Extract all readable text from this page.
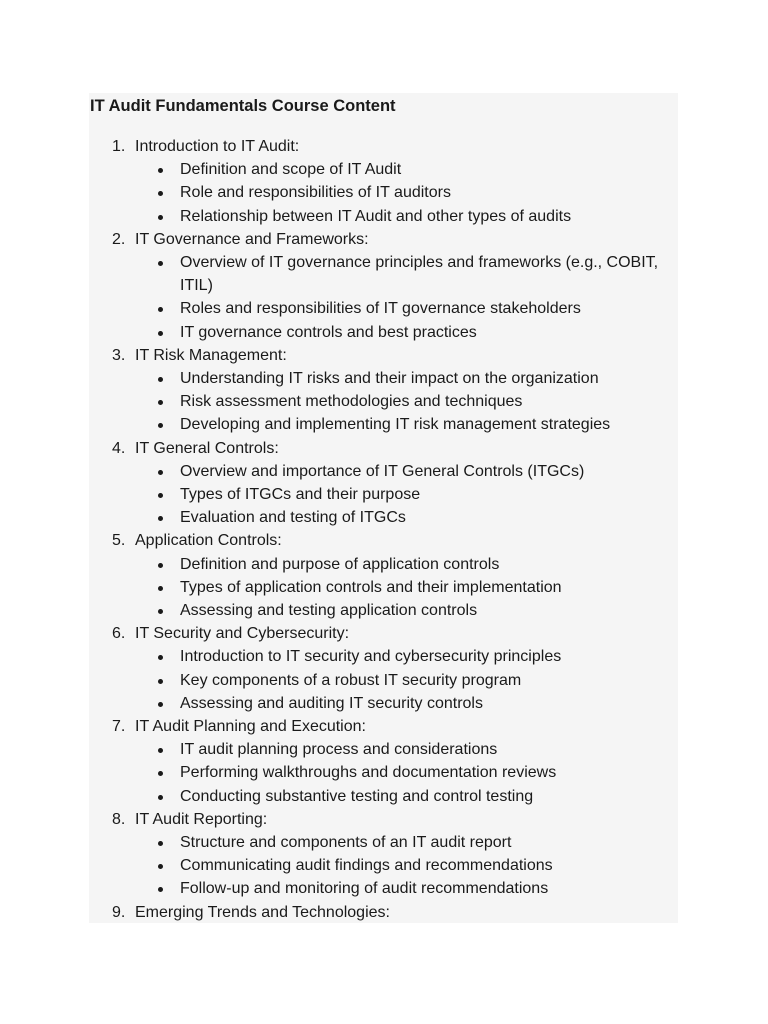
IT Audit Fundamentals Course Content
1. Introduction to IT Audit:
Definition and scope of IT Audit
Role and responsibilities of IT auditors
Relationship between IT Audit and other types of audits
2. IT Governance and Frameworks:
Overview of IT governance principles and frameworks (e.g., COBIT, ITIL)
Roles and responsibilities of IT governance stakeholders
IT governance controls and best practices
3. IT Risk Management:
Understanding IT risks and their impact on the organization
Risk assessment methodologies and techniques
Developing and implementing IT risk management strategies
4. IT General Controls:
Overview and importance of IT General Controls (ITGCs)
Types of ITGCs and their purpose
Evaluation and testing of ITGCs
5. Application Controls:
Definition and purpose of application controls
Types of application controls and their implementation
Assessing and testing application controls
6. IT Security and Cybersecurity:
Introduction to IT security and cybersecurity principles
Key components of a robust IT security program
Assessing and auditing IT security controls
7. IT Audit Planning and Execution:
IT audit planning process and considerations
Performing walkthroughs and documentation reviews
Conducting substantive testing and control testing
8. IT Audit Reporting:
Structure and components of an IT audit report
Communicating audit findings and recommendations
Follow-up and monitoring of audit recommendations
9. Emerging Trends and Technologies:
